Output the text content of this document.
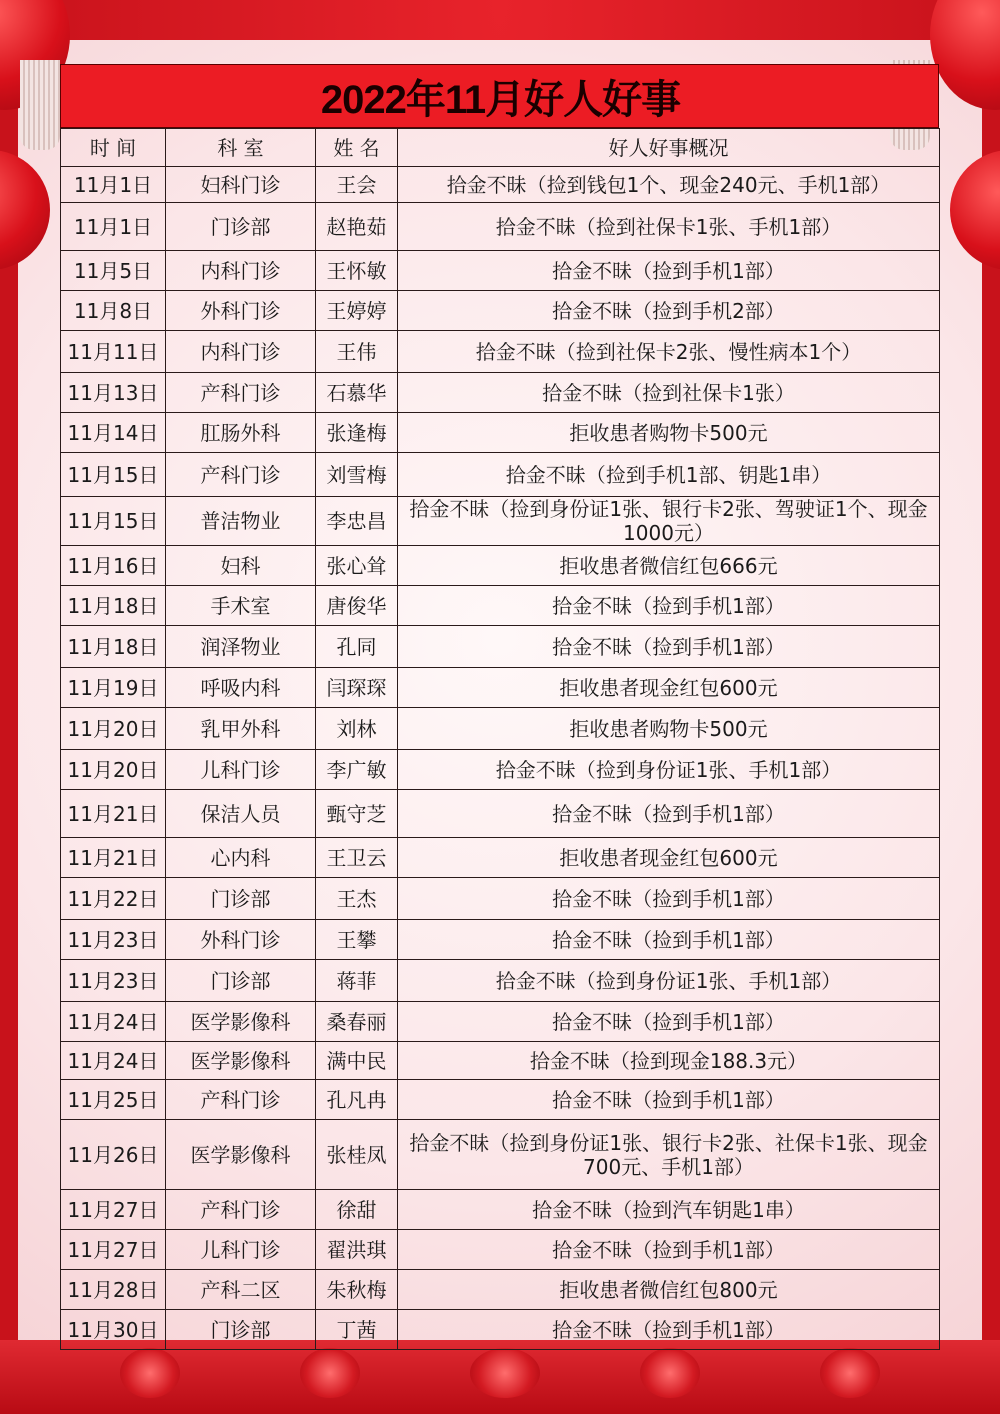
2022年11月好人好事
时 间	科 室	姓 名	好人好事概况
11月1日	妇科门诊	王会	拾金不昧（捡到钱包1个、现金240元、手机1部）
11月1日	门诊部	赵艳茹	拾金不昧（捡到社保卡1张、手机1部）
11月5日	内科门诊	王怀敏	拾金不昧（捡到手机1部）
11月8日	外科门诊	王婷婷	拾金不昧（捡到手机2部）
11月11日	内科门诊	王伟	拾金不昧（捡到社保卡2张、慢性病本1个）
11月13日	产科门诊	石慕华	拾金不昧（捡到社保卡1张）
11月14日	肛肠外科	张逢梅	拒收患者购物卡500元
11月15日	产科门诊	刘雪梅	拾金不昧（捡到手机1部、钥匙1串）
11月15日	普洁物业	李忠昌	拾金不昧（捡到身份证1张、银行卡2张、驾驶证1个、现金1000元）
11月16日	妇科	张心耸	拒收患者微信红包666元
11月18日	手术室	唐俊华	拾金不昧（捡到手机1部）
11月18日	润泽物业	孔同	拾金不昧（捡到手机1部）
11月19日	呼吸内科	闫琛琛	拒收患者现金红包600元
11月20日	乳甲外科	刘林	拒收患者购物卡500元
11月20日	儿科门诊	李广敏	拾金不昧（捡到身份证1张、手机1部）
11月21日	保洁人员	甄守芝	拾金不昧（捡到手机1部）
11月21日	心内科	王卫云	拒收患者现金红包600元
11月22日	门诊部	王杰	拾金不昧（捡到手机1部）
11月23日	外科门诊	王攀	拾金不昧（捡到手机1部）
11月23日	门诊部	蒋菲	拾金不昧（捡到身份证1张、手机1部）
11月24日	医学影像科	桑春丽	拾金不昧（捡到手机1部）
11月24日	医学影像科	满中民	拾金不昧（捡到现金188.3元）
11月25日	产科门诊	孔凡冉	拾金不昧（捡到手机1部）
11月26日	医学影像科	张桂凤	拾金不昧（捡到身份证1张、银行卡2张、社保卡1张、现金700元、手机1部）
11月27日	产科门诊	徐甜	拾金不昧（捡到汽车钥匙1串）
11月27日	儿科门诊	翟洪琪	拾金不昧（捡到手机1部）
11月28日	产科二区	朱秋梅	拒收患者微信红包800元
11月30日	门诊部	丁茜	拾金不昧（捡到手机1部）
